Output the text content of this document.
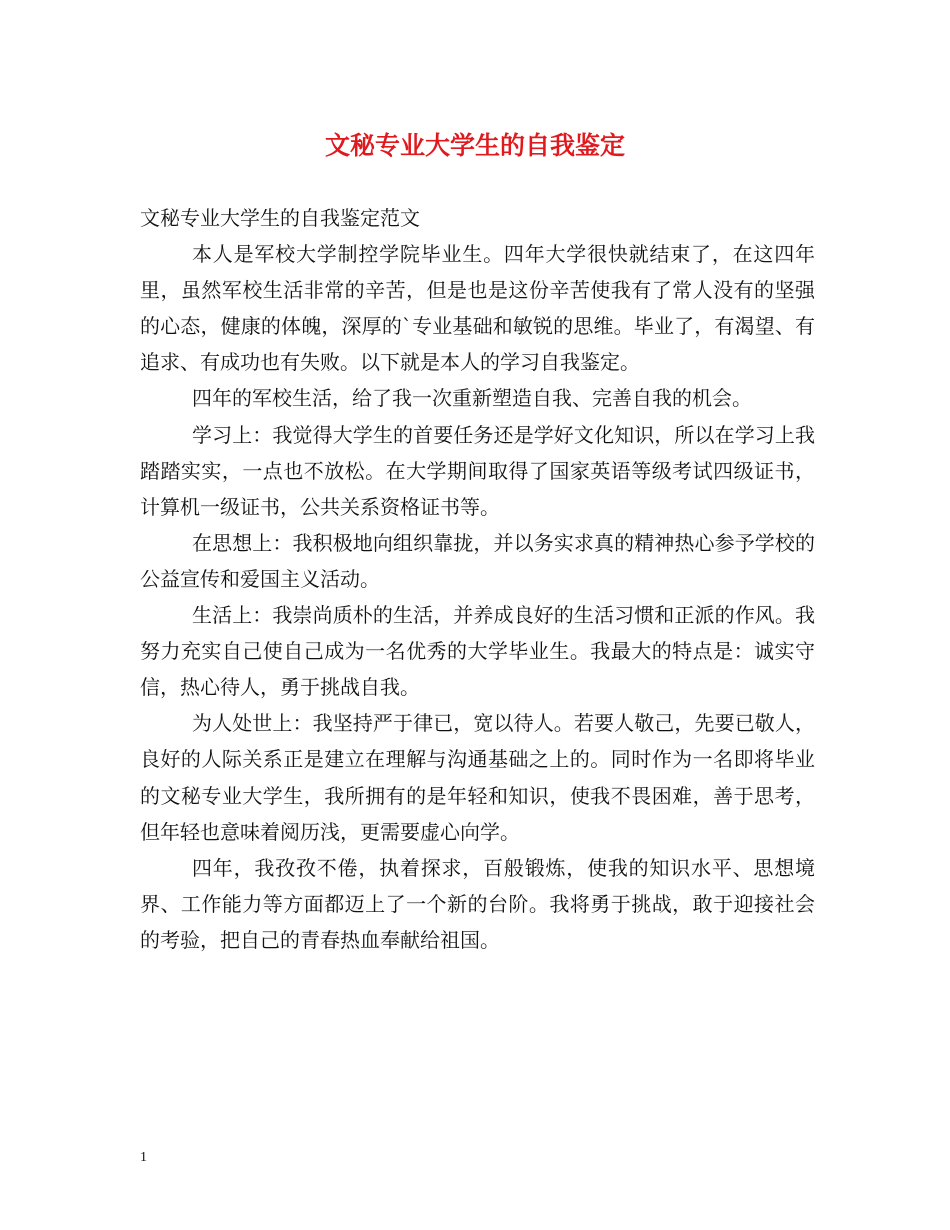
文秘专业大学生的自我鉴定
文秘专业大学生的自我鉴定范文

本人是军校大学制控学院毕业生。四年大学很快就结束了，在这四年里，虽然军校生活非常的辛苦，但是也是这份辛苦使我有了常人没有的坚强的心态，健康的体魄，深厚的`专业基础和敏锐的思维。毕业了，有渴望、有追求、有成功也有失败。以下就是本人的学习自我鉴定。

四年的军校生活，给了我一次重新塑造自我、完善自我的机会。

学习上：我觉得大学生的首要任务还是学好文化知识，所以在学习上我踏踏实实，一点也不放松。在大学期间取得了国家英语等级考试四级证书，计算机一级证书，公共关系资格证书等。

在思想上：我积极地向组织靠拢，并以务实求真的精神热心参予学校的公益宣传和爱国主义活动。

生活上：我崇尚质朴的生活，并养成良好的生活习惯和正派的作风。我努力充实自己使自己成为一名优秀的大学毕业生。我最大的特点是：诚实守信，热心待人，勇于挑战自我。

为人处世上：我坚持严于律已，宽以待人。若要人敬己，先要已敬人，良好的人际关系正是建立在理解与沟通基础之上的。同时作为一名即将毕业的文秘专业大学生，我所拥有的是年轻和知识，使我不畏困难，善于思考，但年轻也意味着阅历浅，更需要虚心向学。

四年，我孜孜不倦，执着探求，百般锻炼，使我的知识水平、思想境界、工作能力等方面都迈上了一个新的台阶。我将勇于挑战，敢于迎接社会的考验，把自己的青春热血奉献给祖国。

1
